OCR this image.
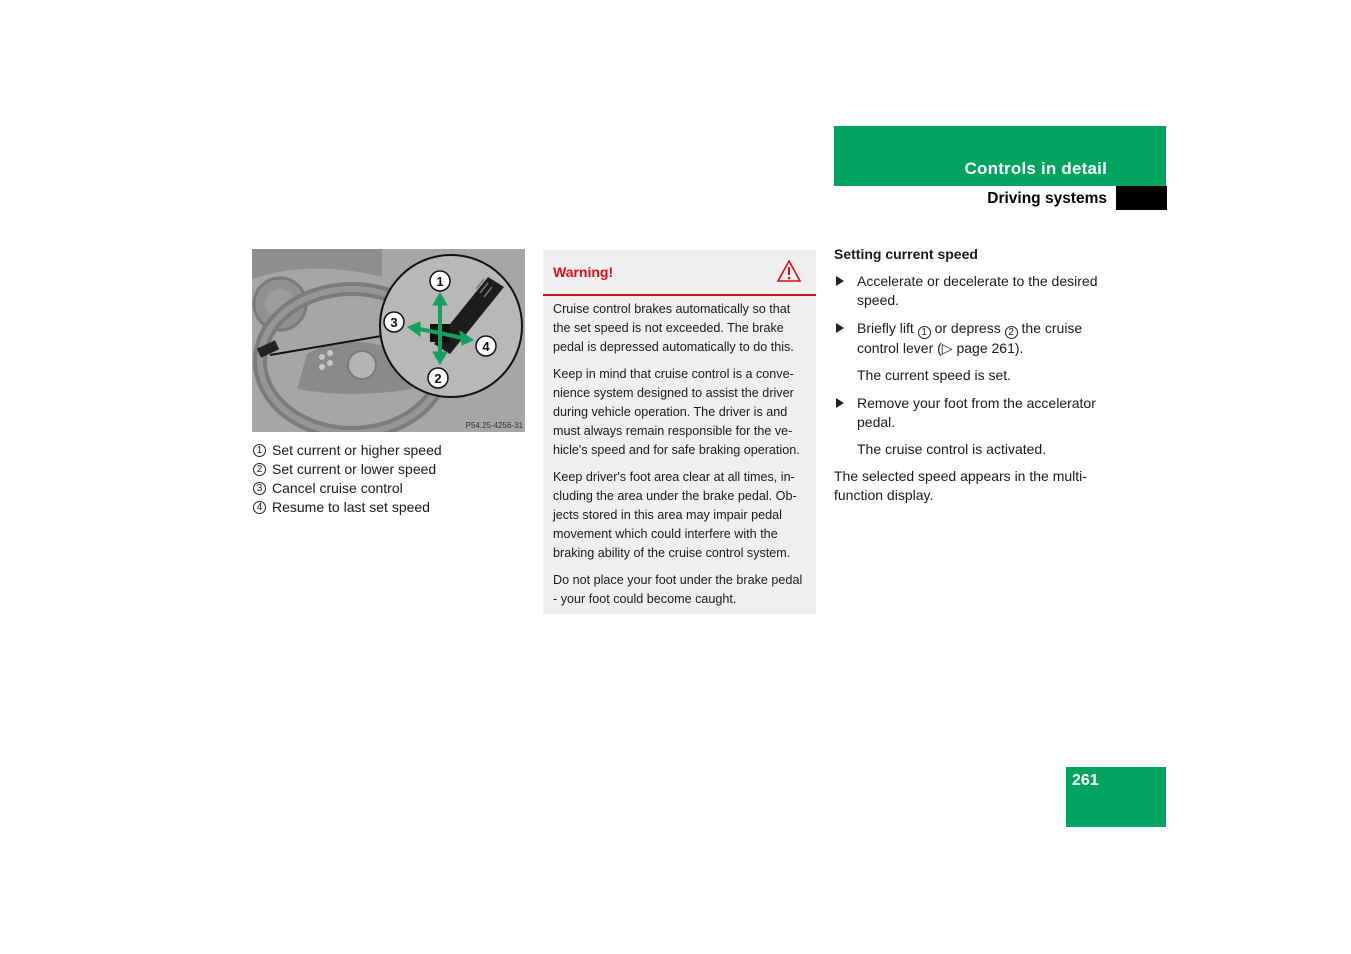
Controls in detail
Driving systems
1
2
3
4
P54.25-4256-31
1 Set current or higher speed
2 Set current or lower speed
3 Cancel cruise control
4 Resume to last set speed
Warning!

Cruise control brakes automatically so that the set speed is not exceeded. The brake pedal is depressed automatically to do this.

Keep in mind that cruise control is a conve-nience system designed to assist the driver during vehicle operation. The driver is and must always remain responsible for the ve-hicle's speed and for safe braking operation.

Keep driver's foot area clear at all times, in-cluding the area under the brake pedal. Ob-jects stored in this area may impair pedal movement which could interfere with the braking ability of the cruise control system.

Do not place your foot under the brake pedal - your foot could become caught.

Setting current speed
Accelerate or decelerate to the desired speed.
Briefly lift 1 or depress 2 the cruise control lever (▷ page 261).
The current speed is set.
Remove your foot from the accelerator pedal.
The cruise control is activated.

The selected speed appears in the multi-function display.

261
